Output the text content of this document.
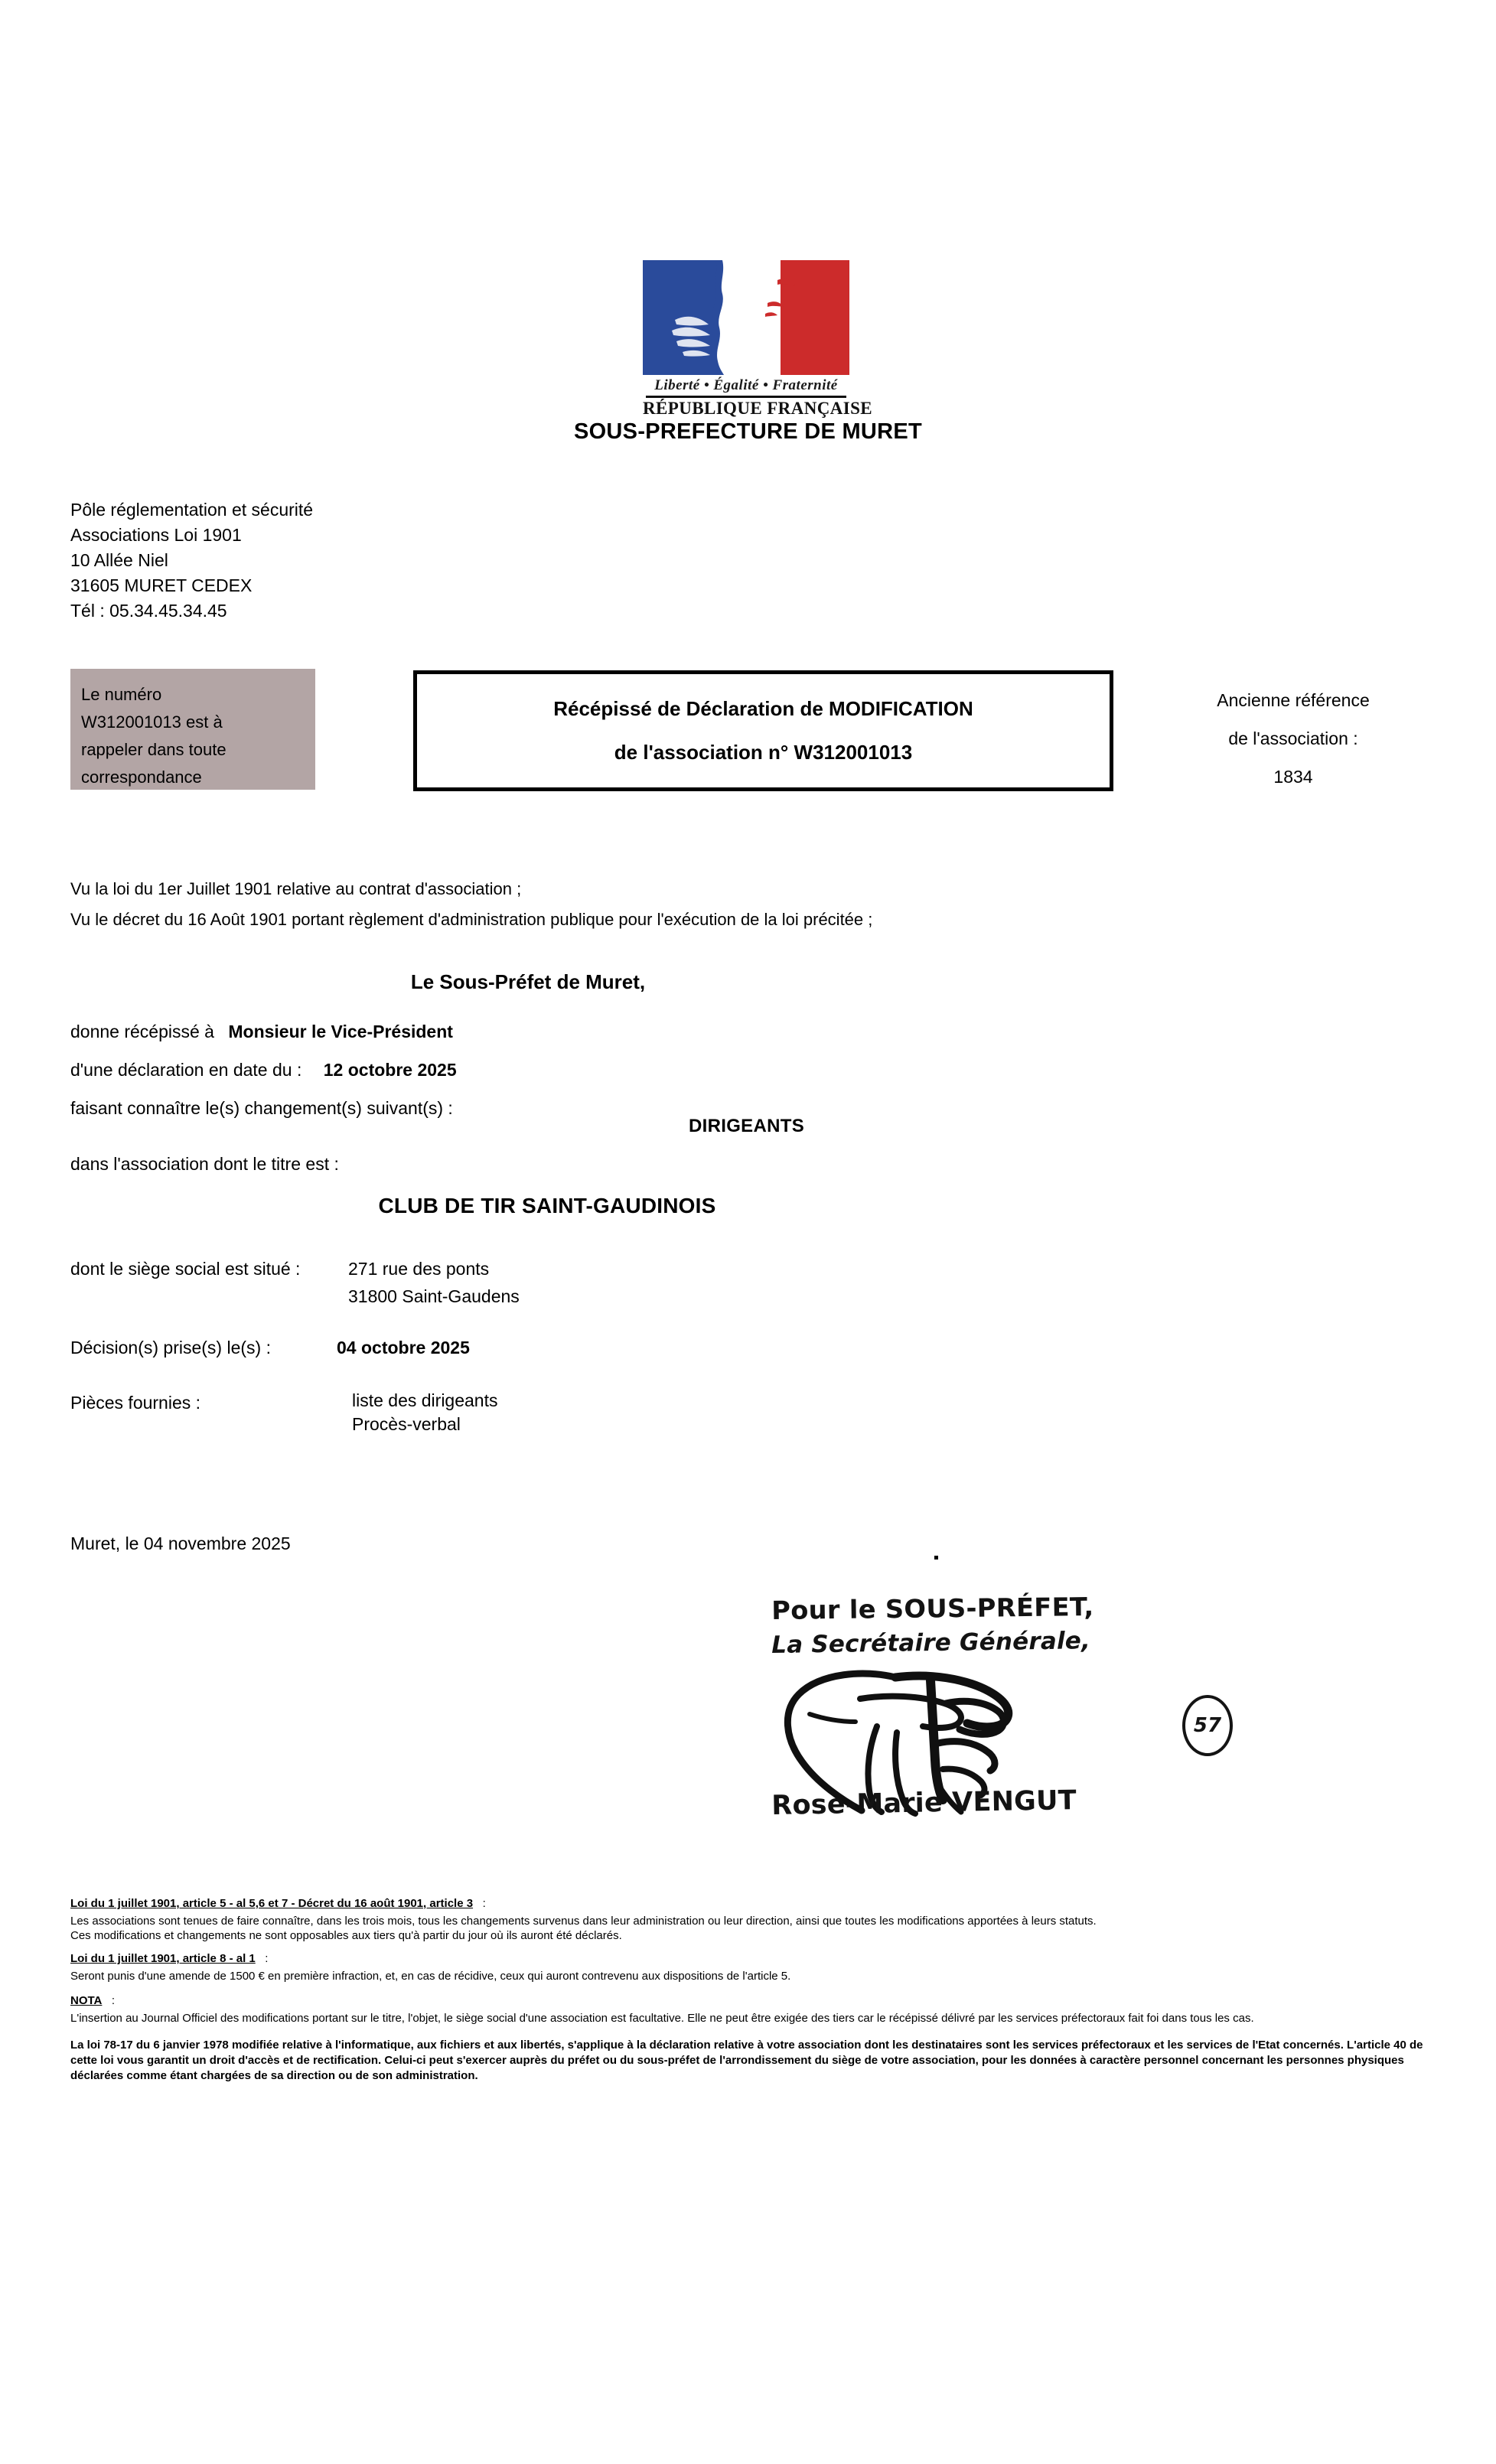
Liberté • Égalité • Fraternité
RÉPUBLIQUE FRANÇAISE
SOUS-PREFECTURE DE MURET
Pôle réglementation et sécurité
Associations Loi 1901
10 Allée Niel
31605 MURET CEDEX
Tél : 05.34.45.34.45
Le numéro
W312001013 est à
rappeler dans toute
correspondance
Récépissé de Déclaration de MODIFICATION
de l'association n° W312001013
Ancienne référence
de l'association :
1834
Vu la loi du 1er Juillet 1901 relative au contrat d'association ;
Vu le décret du 16 Août 1901 portant règlement d'administration publique pour l'exécution de la loi précitée ;
Le Sous-Préfet de Muret,
donne récépissé à Monsieur le Vice-Président
d'une déclaration en date du : 12 octobre 2025
faisant connaître le(s) changement(s) suivant(s) :
DIRIGEANTS
dans l'association dont le titre est :
CLUB DE TIR SAINT-GAUDINOIS
dont le siège social est situé :	271 rue des ponts
31800 Saint-Gaudens
Décision(s) prise(s) le(s) :	04 octobre 2025
Pièces fournies :	liste des dirigeants
Procès-verbal
Muret, le 04 novembre 2025
Pour le SOUS-PRÉFET,
La Secrétaire Générale,
57
Rose-Marie VENGUT
Loi du 1 juillet 1901, article 5 - al 5,6 et 7 - Décret du 16 août 1901, article 3 :
Les associations sont tenues de faire connaître, dans les trois mois, tous les changements survenus dans leur administration ou leur direction, ainsi que toutes les modifications apportées à leurs statuts.
Ces modifications et changements ne sont opposables aux tiers qu'à partir du jour où ils auront été déclarés.
Loi du 1 juillet 1901, article 8 - al 1 :
Seront punis d'une amende de 1500 € en première infraction, et, en cas de récidive, ceux qui auront contrevenu aux dispositions de l'article 5.
NOTA :
L'insertion au Journal Officiel des modifications portant sur le titre, l'objet, le siège social d'une association est facultative. Elle ne peut être exigée des tiers car le récépissé délivré par les services préfectoraux fait foi dans tous les cas.
La loi 78-17 du 6 janvier 1978 modifiée relative à l'informatique, aux fichiers et aux libertés, s'applique à la déclaration relative à votre association dont les destinataires sont les services préfectoraux et les services de l'Etat concernés. L'article 40 de cette loi vous garantit un droit d'accès et de rectification. Celui-ci peut s'exercer auprès du préfet ou du sous-préfet de l'arrondissement du siège de votre association, pour les données à caractère personnel concernant les personnes physiques déclarées comme étant chargées de sa direction ou de son administration.
